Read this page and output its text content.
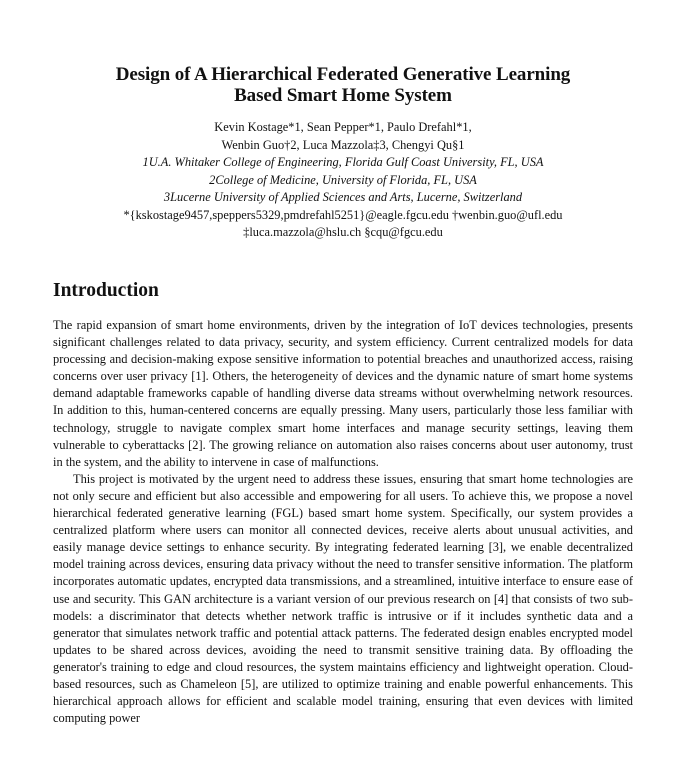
Design of A Hierarchical Federated Generative Learning
Based Smart Home System
Kevin Kostage*1, Sean Pepper*1, Paulo Drefahl*1,
Wenbin Guo†2, Luca Mazzola‡3, Chengyi Qu§1
1U.A. Whitaker College of Engineering, Florida Gulf Coast University, FL, USA
2College of Medicine, University of Florida, FL, USA
3Lucerne University of Applied Sciences and Arts, Lucerne, Switzerland
*{kskostage9457,speppers5329,pmdrefahl5251}@eagle.fgcu.edu †wenbin.guo@ufl.edu
‡luca.mazzola@hslu.ch §cqu@fgcu.edu
Introduction

The rapid expansion of smart home environments, driven by the integration of IoT devices technologies, presents significant challenges related to data privacy, security, and system efficiency. Current centralized models for data processing and decision-making expose sensitive information to potential breaches and unauthorized access, raising concerns over user privacy [1]. Others, the heterogeneity of devices and the dynamic nature of smart home systems demand adaptable frameworks capable of handling diverse data streams without overwhelming network resources. In addition to this, human-centered concerns are equally pressing. Many users, particularly those less familiar with technology, struggle to navigate complex smart home interfaces and manage security settings, leaving them vulnerable to cyberattacks [2]. The growing reliance on automation also raises concerns about user autonomy, trust in the system, and the ability to intervene in case of malfunctions.

This project is motivated by the urgent need to address these issues, ensuring that smart home technologies are not only secure and efficient but also accessible and empowering for all users. To achieve this, we propose a novel hierarchical federated generative learning (FGL) based smart home system. Specifically, our system provides a centralized platform where users can monitor all connected devices, receive alerts about unusual activities, and easily manage device settings to enhance security. By integrating federated learning [3], we enable decentralized model training across devices, ensuring data privacy without the need to transfer sensitive information. The platform incorporates automatic updates, encrypted data transmissions, and a streamlined, intuitive interface to ensure ease of use and security. This GAN architecture is a variant version of our previous research on [4] that consists of two sub-models: a discriminator that detects whether network traffic is intrusive or if it includes synthetic data and a generator that simulates network traffic and potential attack patterns. The federated design enables encrypted model updates to be shared across devices, avoiding the need to transmit sensitive training data. By offloading the generator's training to edge and cloud resources, the system maintains efficiency and lightweight operation. Cloud-based resources, such as Chameleon [5], are utilized to optimize training and enable powerful enhancements. This hierarchical approach allows for efficient and scalable model training, ensuring that even devices with limited computing power
